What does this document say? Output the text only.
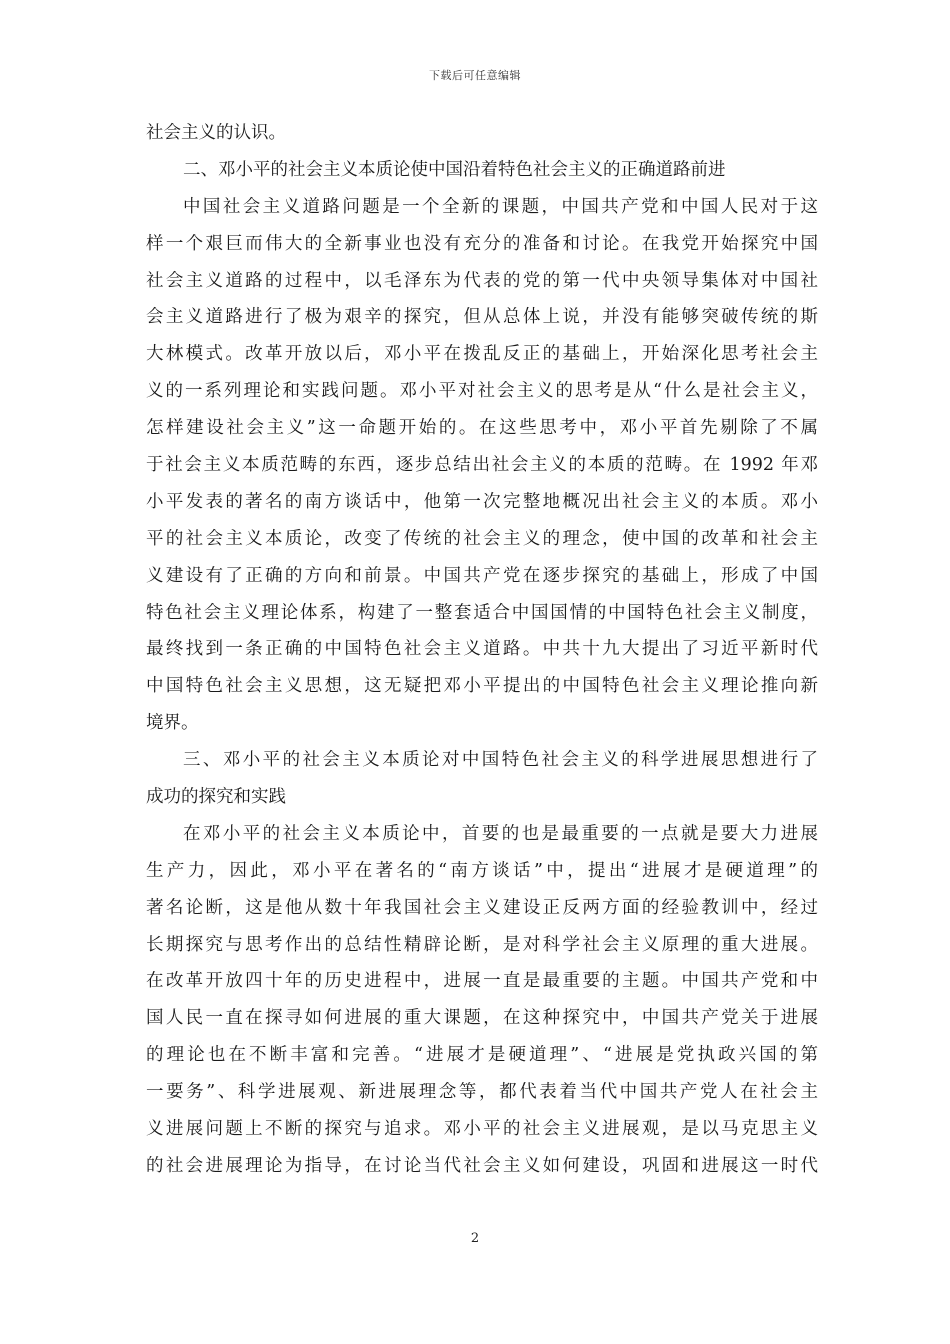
下载后可任意编辑
社会主义的认识。
二、邓小平的社会主义本质论使中国沿着特色社会主义的正确道路前进
中国社会主义道路问题是一个全新的课题，中国共产党和中国人民对于这
样一个艰巨而伟大的全新事业也没有充分的准备和讨论。在我党开始探究中国
社会主义道路的过程中，以毛泽东为代表的党的第一代中央领导集体对中国社
会主义道路进行了极为艰辛的探究，但从总体上说，并没有能够突破传统的斯
大林模式。改革开放以后，邓小平在拨乱反正的基础上，开始深化思考社会主
义的一系列理论和实践问题。邓小平对社会主义的思考是从“什么是社会主义，
怎样建设社会主义”这一命题开始的。在这些思考中，邓小平首先剔除了不属
于社会主义本质范畴的东西，逐步总结出社会主义的本质的范畴。在 1992 年邓
小平发表的著名的南方谈话中，他第一次完整地概况出社会主义的本质。邓小
平的社会主义本质论，改变了传统的社会主义的理念，使中国的改革和社会主
义建设有了正确的方向和前景。中国共产党在逐步探究的基础上，形成了中国
特色社会主义理论体系，构建了一整套适合中国国情的中国特色社会主义制度，
最终找到一条正确的中国特色社会主义道路。中共十九大提出了习近平新时代
中国特色社会主义思想，这无疑把邓小平提出的中国特色社会主义理论推向新
境界。
三、邓小平的社会主义本质论对中国特色社会主义的科学进展思想进行了
成功的探究和实践
在邓小平的社会主义本质论中，首要的也是最重要的一点就是要大力进展
生产力，因此，邓小平在著名的“南方谈话”中，提出“进展才是硬道理”的
著名论断，这是他从数十年我国社会主义建设正反两方面的经验教训中，经过
长期探究与思考作出的总结性精辟论断，是对科学社会主义原理的重大进展。
在改革开放四十年的历史进程中，进展一直是最重要的主题。中国共产党和中
国人民一直在探寻如何进展的重大课题，在这种探究中，中国共产党关于进展
的理论也在不断丰富和完善。“进展才是硬道理”、“进展是党执政兴国的第
一要务”、科学进展观、新进展理念等，都代表着当代中国共产党人在社会主
义进展问题上不断的探究与追求。邓小平的社会主义进展观，是以马克思主义
的社会进展理论为指导，在讨论当代社会主义如何建设，巩固和进展这一时代
2
